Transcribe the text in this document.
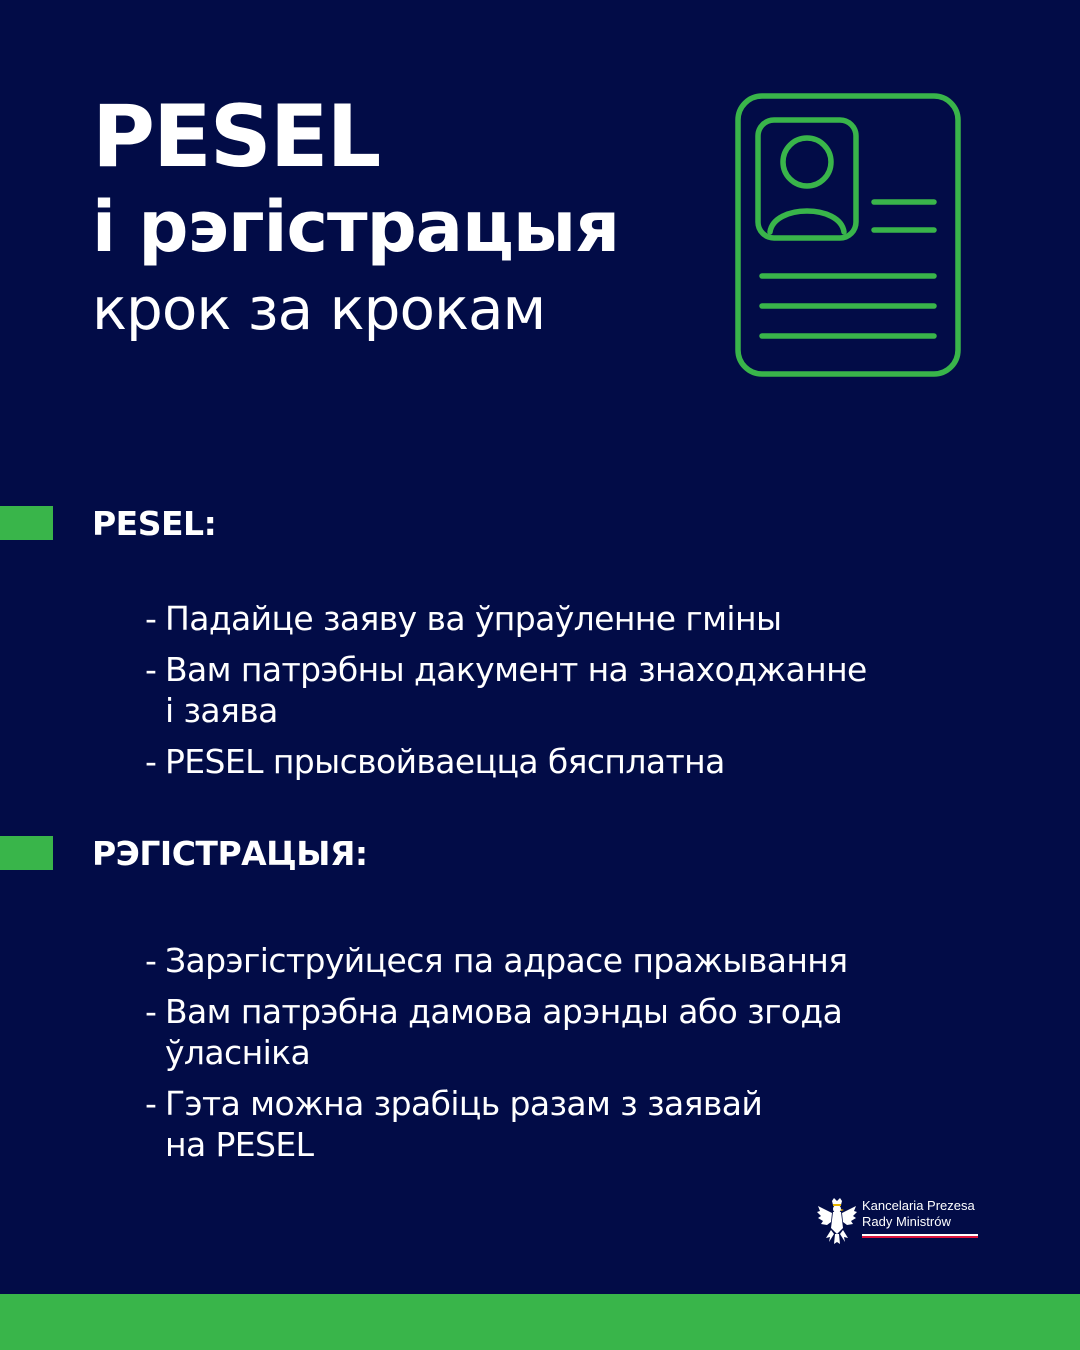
PESEL
і рэгістрацыя
крок за крокам
PESEL:
- Падайце заяву ва ўпраўленне гміны
- Вам патрэбны дакумент на знаходжанне
і заява
- PESEL прысвойваецца бясплатна
РЭГІСТРАЦЫЯ:
- Зарэгіструйцеся па адрасе пражывання
- Вам патрэбна дамова арэнды або згода
ўласніка
- Гэта можна зрабіць разам з заявай
на PESEL
Kancelaria Prezesa
Rady Ministrów
